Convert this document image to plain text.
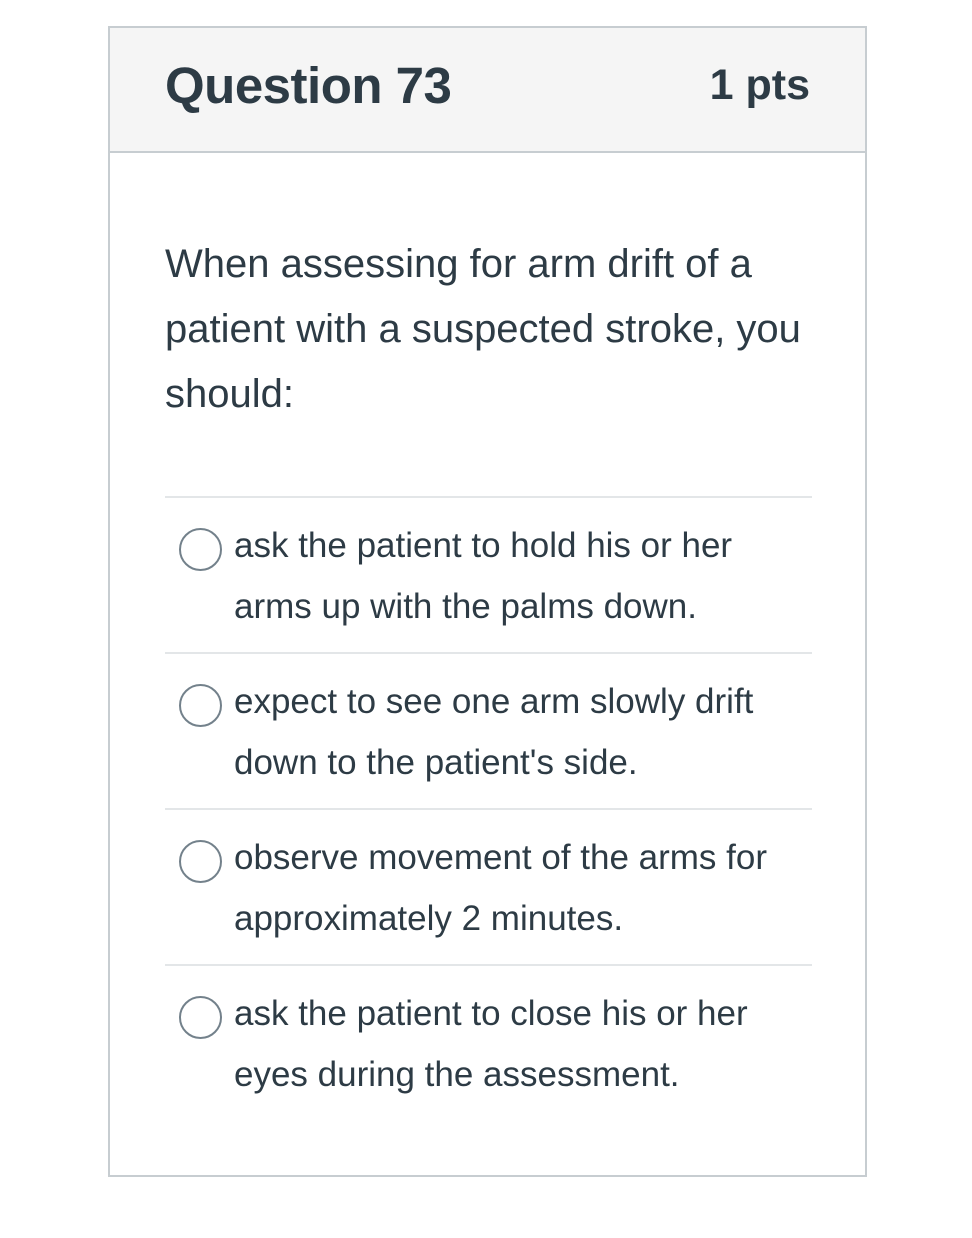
Question 73	1 pts
When assessing for arm drift of a patient with a suspected stroke, you should:
ask the patient to hold his or her arms up with the palms down.
expect to see one arm slowly drift down to the patient's side.
observe movement of the arms for approximately 2 minutes.
ask the patient to close his or her eyes during the assessment.
